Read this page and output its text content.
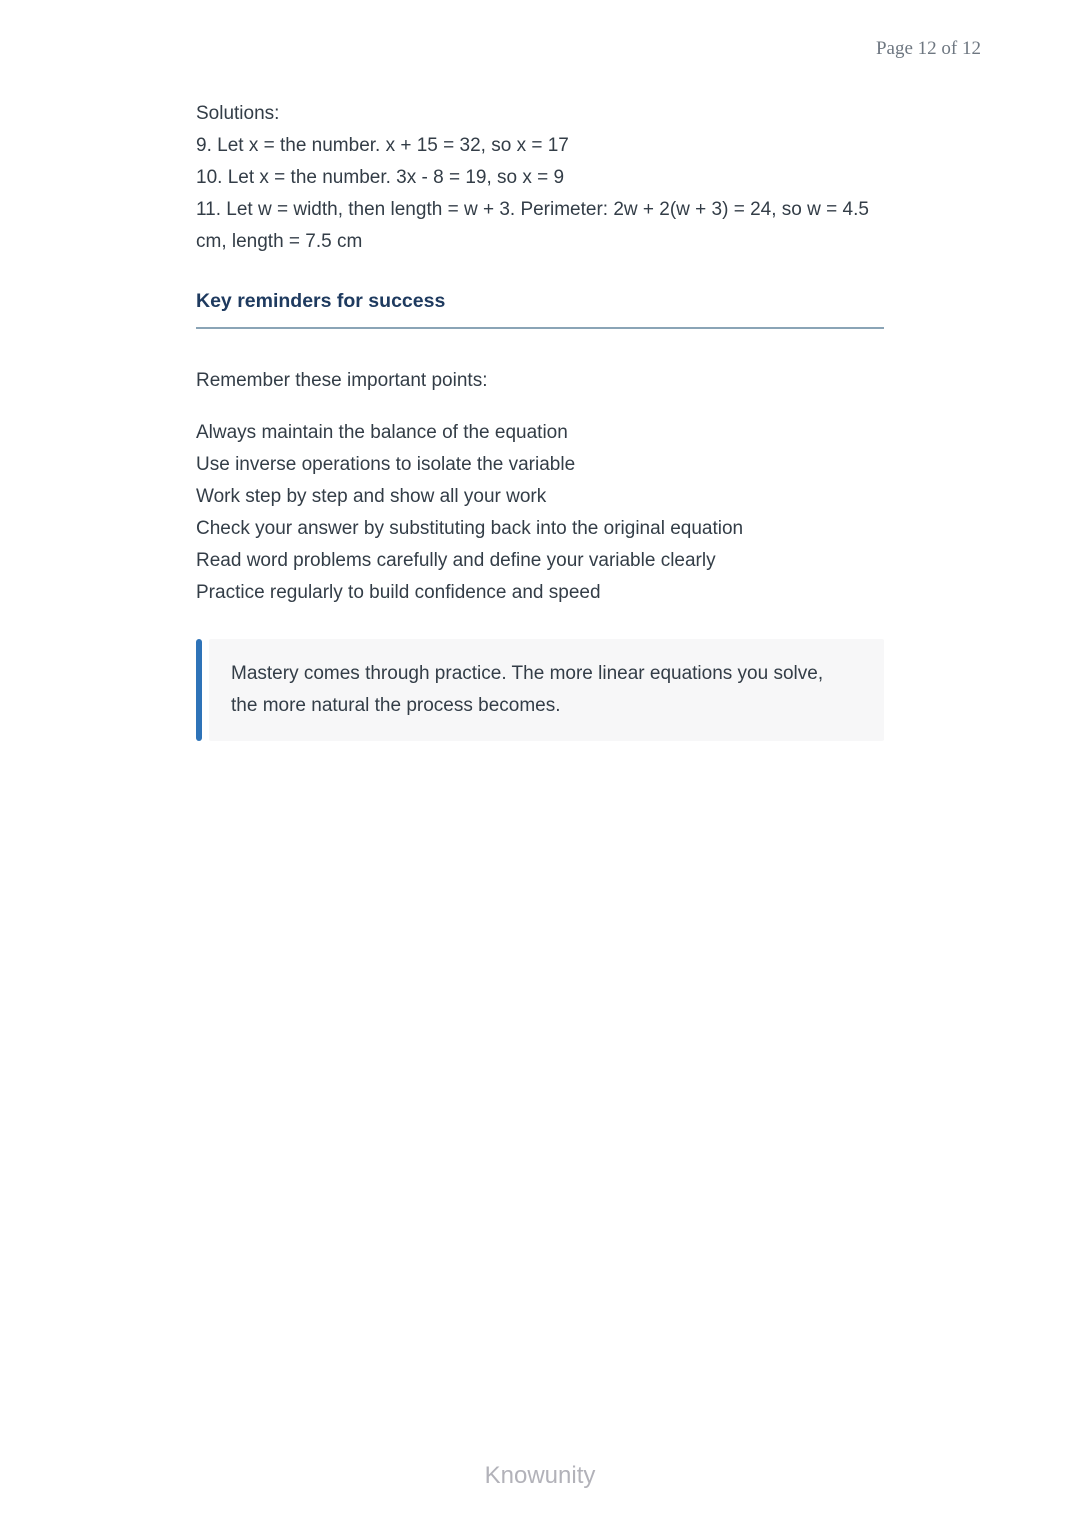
Page 12 of 12

Solutions:

9. Let x = the number. x + 15 = 32, so x = 17

10. Let x = the number. 3x - 8 = 19, so x = 9

11. Let w = width, then length = w + 3. Perimeter: 2w + 2(w + 3) = 24, so w = 4.5 cm, length = 7.5 cm

Key reminders for success

Remember these important points:

Always maintain the balance of the equation

Use inverse operations to isolate the variable

Work step by step and show all your work

Check your answer by substituting back into the original equation

Read word problems carefully and define your variable clearly

Practice regularly to build confidence and speed

Mastery comes through practice. The more linear equations you solve, the more natural the process becomes.

Knowunity
